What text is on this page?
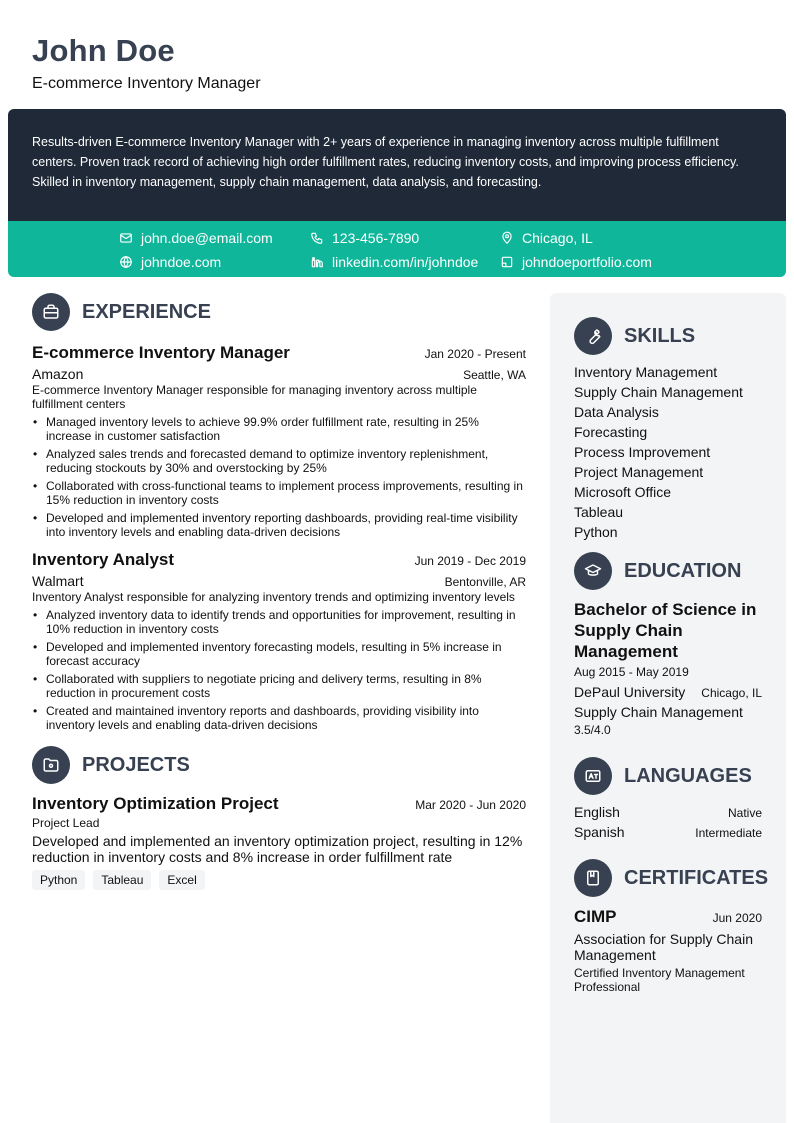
John Doe
E-commerce Inventory Manager

Results-driven E-commerce Inventory Manager with 2+ years of experience in managing inventory across multiple fulfillment centers. Proven track record of achieving high order fulfillment rates, reducing inventory costs, and improving process efficiency. Skilled in inventory management, supply chain management, data analysis, and forecasting.

john.doe@email.com	123-456-7890	Chicago, IL
johndoe.com	linkedin.com/in/johndoe	johndoeportfolio.com
EXPERIENCE
E-commerce Inventory Manager	Jan 2020 - Present
Amazon	Seattle, WA
E-commerce Inventory Manager responsible for managing inventory across multiple fulfillment centers
• Managed inventory levels to achieve 99.9% order fulfillment rate, resulting in 25% increase in customer satisfaction
• Analyzed sales trends and forecasted demand to optimize inventory replenishment, reducing stockouts by 30% and overstocking by 25%
• Collaborated with cross-functional teams to implement process improvements, resulting in 15% reduction in inventory costs
• Developed and implemented inventory reporting dashboards, providing real-time visibility into inventory levels and enabling data-driven decisions
Inventory Analyst	Jun 2019 - Dec 2019
Walmart	Bentonville, AR
Inventory Analyst responsible for analyzing inventory trends and optimizing inventory levels
• Analyzed inventory data to identify trends and opportunities for improvement, resulting in 10% reduction in inventory costs
• Developed and implemented inventory forecasting models, resulting in 5% increase in forecast accuracy
• Collaborated with suppliers to negotiate pricing and delivery terms, resulting in 8% reduction in procurement costs
• Created and maintained inventory reports and dashboards, providing visibility into inventory levels and enabling data-driven decisions
PROJECTS
Inventory Optimization Project	Mar 2020 - Jun 2020
Project Lead
Developed and implemented an inventory optimization project, resulting in 12% reduction in inventory costs and 8% increase in order fulfillment rate
Python	Tableau	Excel
SKILLS
Inventory Management
Supply Chain Management
Data Analysis
Forecasting
Process Improvement
Project Management
Microsoft Office
Tableau
Python
EDUCATION
Bachelor of Science in Supply Chain Management
Aug 2015 - May 2019
DePaul University Chicago, IL
Supply Chain Management
3.5/4.0
LANGUAGES
English	Native
Spanish	Intermediate
CERTIFICATES
CIMP	Jun 2020
Association for Supply Chain Management
Certified Inventory Management Professional
